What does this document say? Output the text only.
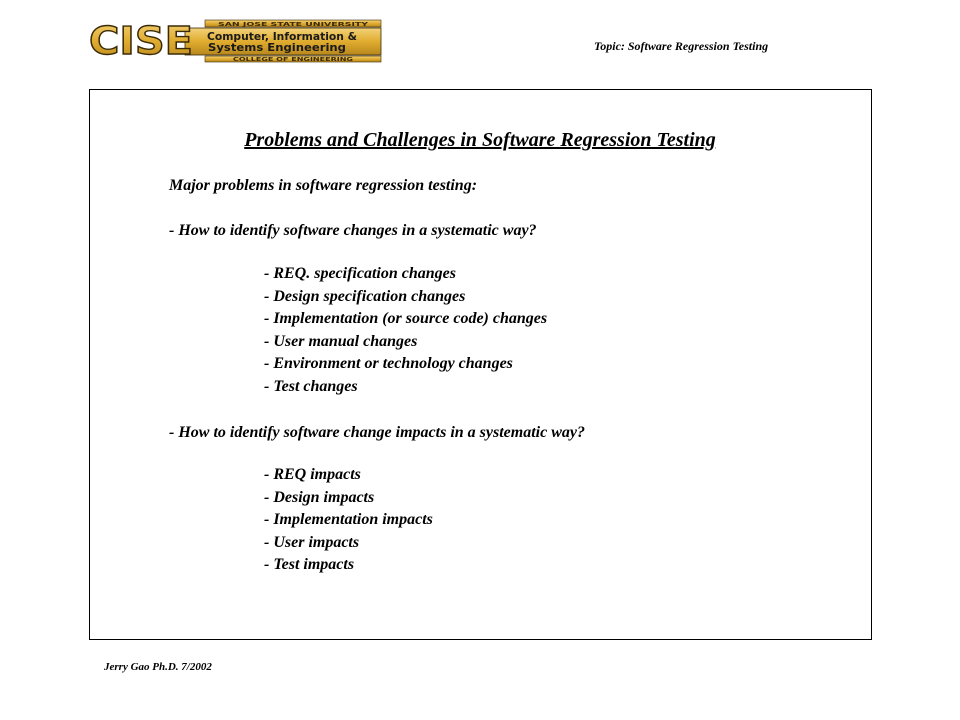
CISE	SAN JOSE STATE UNIVERSITY
Computer, Information &
Systems Engineering
COLLEGE OF ENGINEERING
Topic: Software Regression Testing
Problems and Challenges in Software Regression Testing
Major problems in software regression testing:
- How to identify software changes in a systematic way?
- REQ. specification changes
- Design specification changes
- Implementation (or source code) changes
- User manual changes
- Environment or technology changes
- Test changes
- How to identify software change impacts in a systematic way?
- REQ impacts
- Design impacts
- Implementation impacts
- User impacts
- Test impacts
Jerry Gao Ph.D. 7/2002
